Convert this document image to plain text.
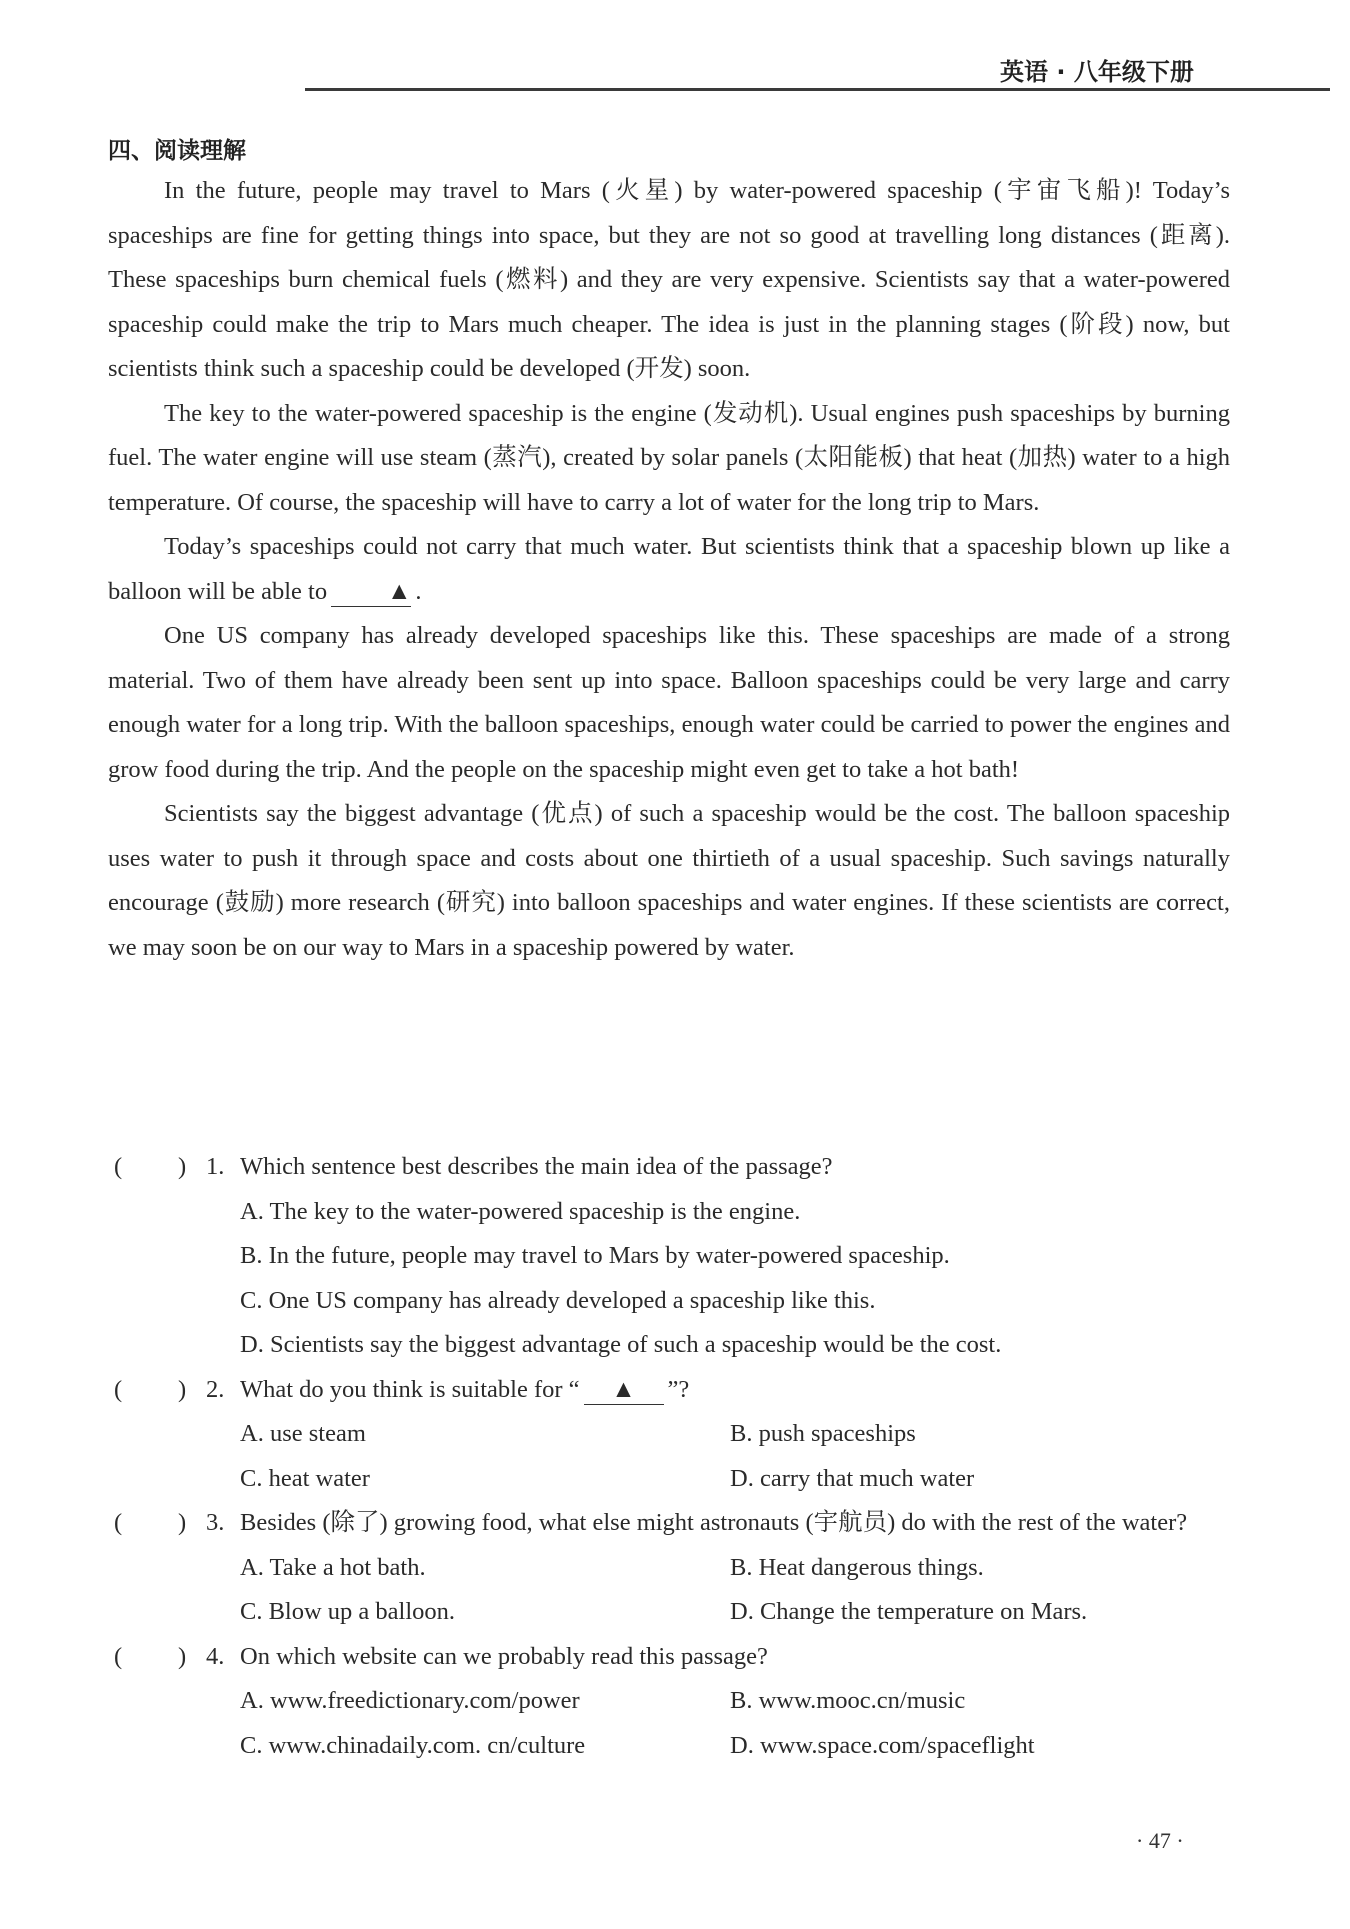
英语 · 八年级下册
四、阅读理解

In the future, people may travel to Mars (火星) by water-powered spaceship (宇宙飞船)! Today’s spaceships are fine for getting things into space, but they are not so good at travelling long distances (距离). These spaceships burn chemical fuels (燃料) and they are very expensive. Scientists say that a water-powered spaceship could make the trip to Mars much cheaper. The idea is just in the planning stages (阶段) now, but scientists think such a spaceship could be developed (开发) soon.

The key to the water-powered spaceship is the engine (发动机). Usual engines push spaceships by burning fuel. The water engine will use steam (蒸汽), created by solar panels (太阳能板) that heat (加热) water to a high temperature. Of course, the spaceship will have to carry a lot of water for the long trip to Mars.

Today’s spaceships could not carry that much water. But scientists think that a spaceship blown up like a balloon will be able to ▲ .

One US company has already developed spaceships like this. These spaceships are made of a strong material. Two of them have already been sent up into space. Balloon spaceships could be very large and carry enough water for a long trip. With the balloon spaceships, enough water could be carried to power the engines and grow food during the trip. And the people on the spaceship might even get to take a hot bath!

Scientists say the biggest advantage (优点) of such a spaceship would be the cost. The balloon spaceship uses water to push it through space and costs about one thirtieth of a usual spaceship. Such savings naturally encourage (鼓励) more research (研究) into balloon spaceships and water engines. If these scientists are correct, we may soon be on our way to Mars in a spaceship powered by water.

( ) 1. Which sentence best describes the main idea of the passage?
A. The key to the water-powered spaceship is the engine.
B. In the future, people may travel to Mars by water-powered spaceship.
C. One US company has already developed a spaceship like this.
D. Scientists say the biggest advantage of such a spaceship would be the cost.
( ) 2. What do you think is suitable for “ ▲ ”?
A. use steam	B. push spaceships
C. heat water	D. carry that much water
( ) 3. Besides (除了) growing food, what else might astronauts (宇航员) do with the rest of the water?
A. Take a hot bath.	B. Heat dangerous things.
C. Blow up a balloon.	D. Change the temperature on Mars.
( ) 4. On which website can we probably read this passage?
A. www.freedictionary.com/power	B. www.mooc.cn/music
C. www.chinadaily.com. cn/culture	D. www.space.com/spaceflight
· 47 ·
